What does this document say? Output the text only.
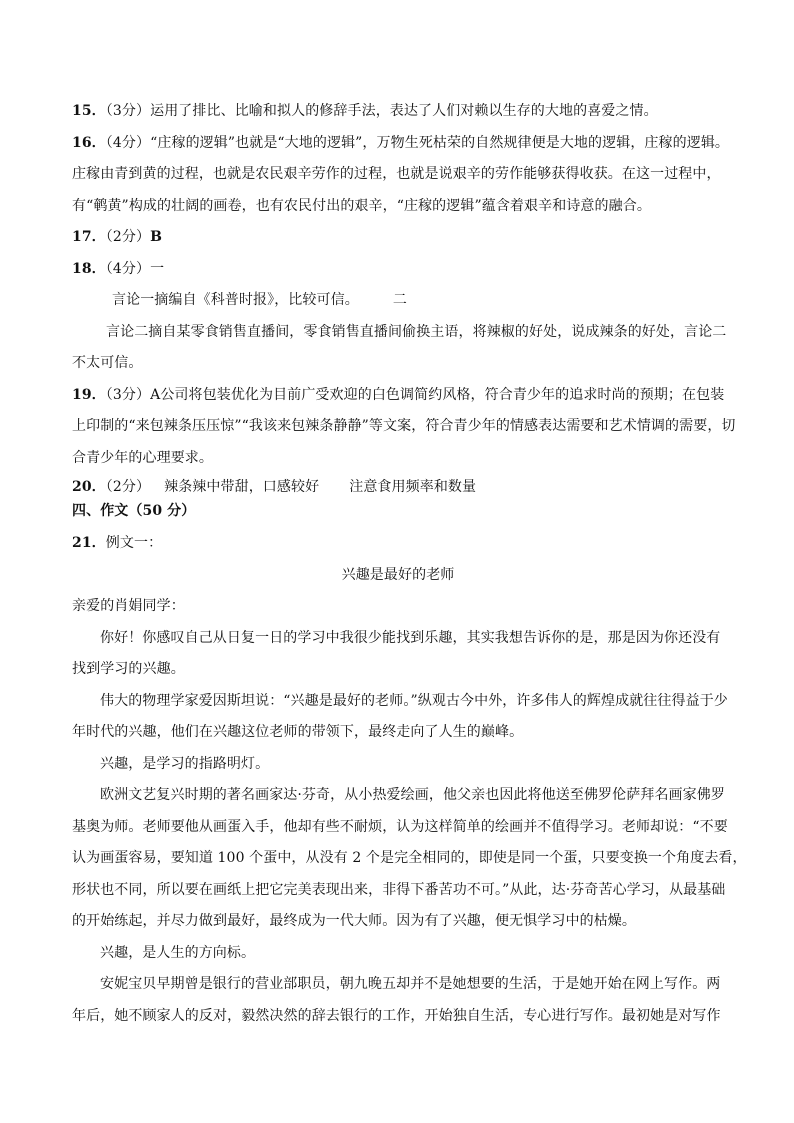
15．（3分）运用了排比、比喻和拟人的修辞手法，表达了人们对赖以生存的大地的喜爱之情。
16．（4分）“庄稼的逻辑”也就是“大地的逻辑”，万物生死枯荣的自然规律便是大地的逻辑，庄稼的逻辑。
庄稼由青到黄的过程，也就是农民艰辛劳作的过程，也就是说艰辛的劳作能够获得收获。在这一过程中，
有“鹌黄”构成的壮阔的画卷，也有农民付出的艰辛，“庄稼的逻辑”蕴含着艰辛和诗意的融合。
17．（2分）B
18．（4分）一
言论一摘编自《科普时报》，比较可信。 二
言论二摘自某零食销售直播间，零食销售直播间偷换主语，将辣椒的好处，说成辣条的好处，言论二
不太可信。
19．（3分）A公司将包装优化为目前广受欢迎的白色调简约风格，符合青少年的追求时尚的预期；在包装
上印制的“来包辣条压压惊”“我该来包辣条静静”等文案，符合青少年的情感表达需要和艺术情调的需要，切
合青少年的心理要求。
20．（2分） 辣条辣中带甜，口感较好 注意食用频率和数量
四、作文（50 分）
21．例文一：
兴趣是最好的老师
亲爱的肖娟同学：
你好！你感叹自己从日复一日的学习中我很少能找到乐趣，其实我想告诉你的是，那是因为你还没有
找到学习的兴趣。
伟大的物理学家爱因斯坦说：“兴趣是最好的老师。”纵观古今中外，许多伟人的辉煌成就往往得益于少
年时代的兴趣，他们在兴趣这位老师的带领下，最终走向了人生的巅峰。
兴趣，是学习的指路明灯。
欧洲文艺复兴时期的著名画家达·芬奇，从小热爱绘画，他父亲也因此将他送至佛罗伦萨拜名画家佛罗
基奥为师。老师要他从画蛋入手，他却有些不耐烦，认为这样简单的绘画并不值得学习。老师却说：“不要
认为画蛋容易，要知道 100 个蛋中，从没有 2 个是完全相同的，即使是同一个蛋，只要变换一个角度去看，
形状也不同，所以要在画纸上把它完美表现出来，非得下番苦功不可。”从此，达·芬奇苦心学习，从最基础
的开始练起，并尽力做到最好，最终成为一代大师。因为有了兴趣，便无惧学习中的枯燥。
兴趣，是人生的方向标。
安妮宝贝早期曾是银行的营业部职员，朝九晚五却并不是她想要的生活，于是她开始在网上写作。两
年后，她不顾家人的反对，毅然决然的辞去银行的工作，开始独自生活，专心进行写作。最初她是对写作
